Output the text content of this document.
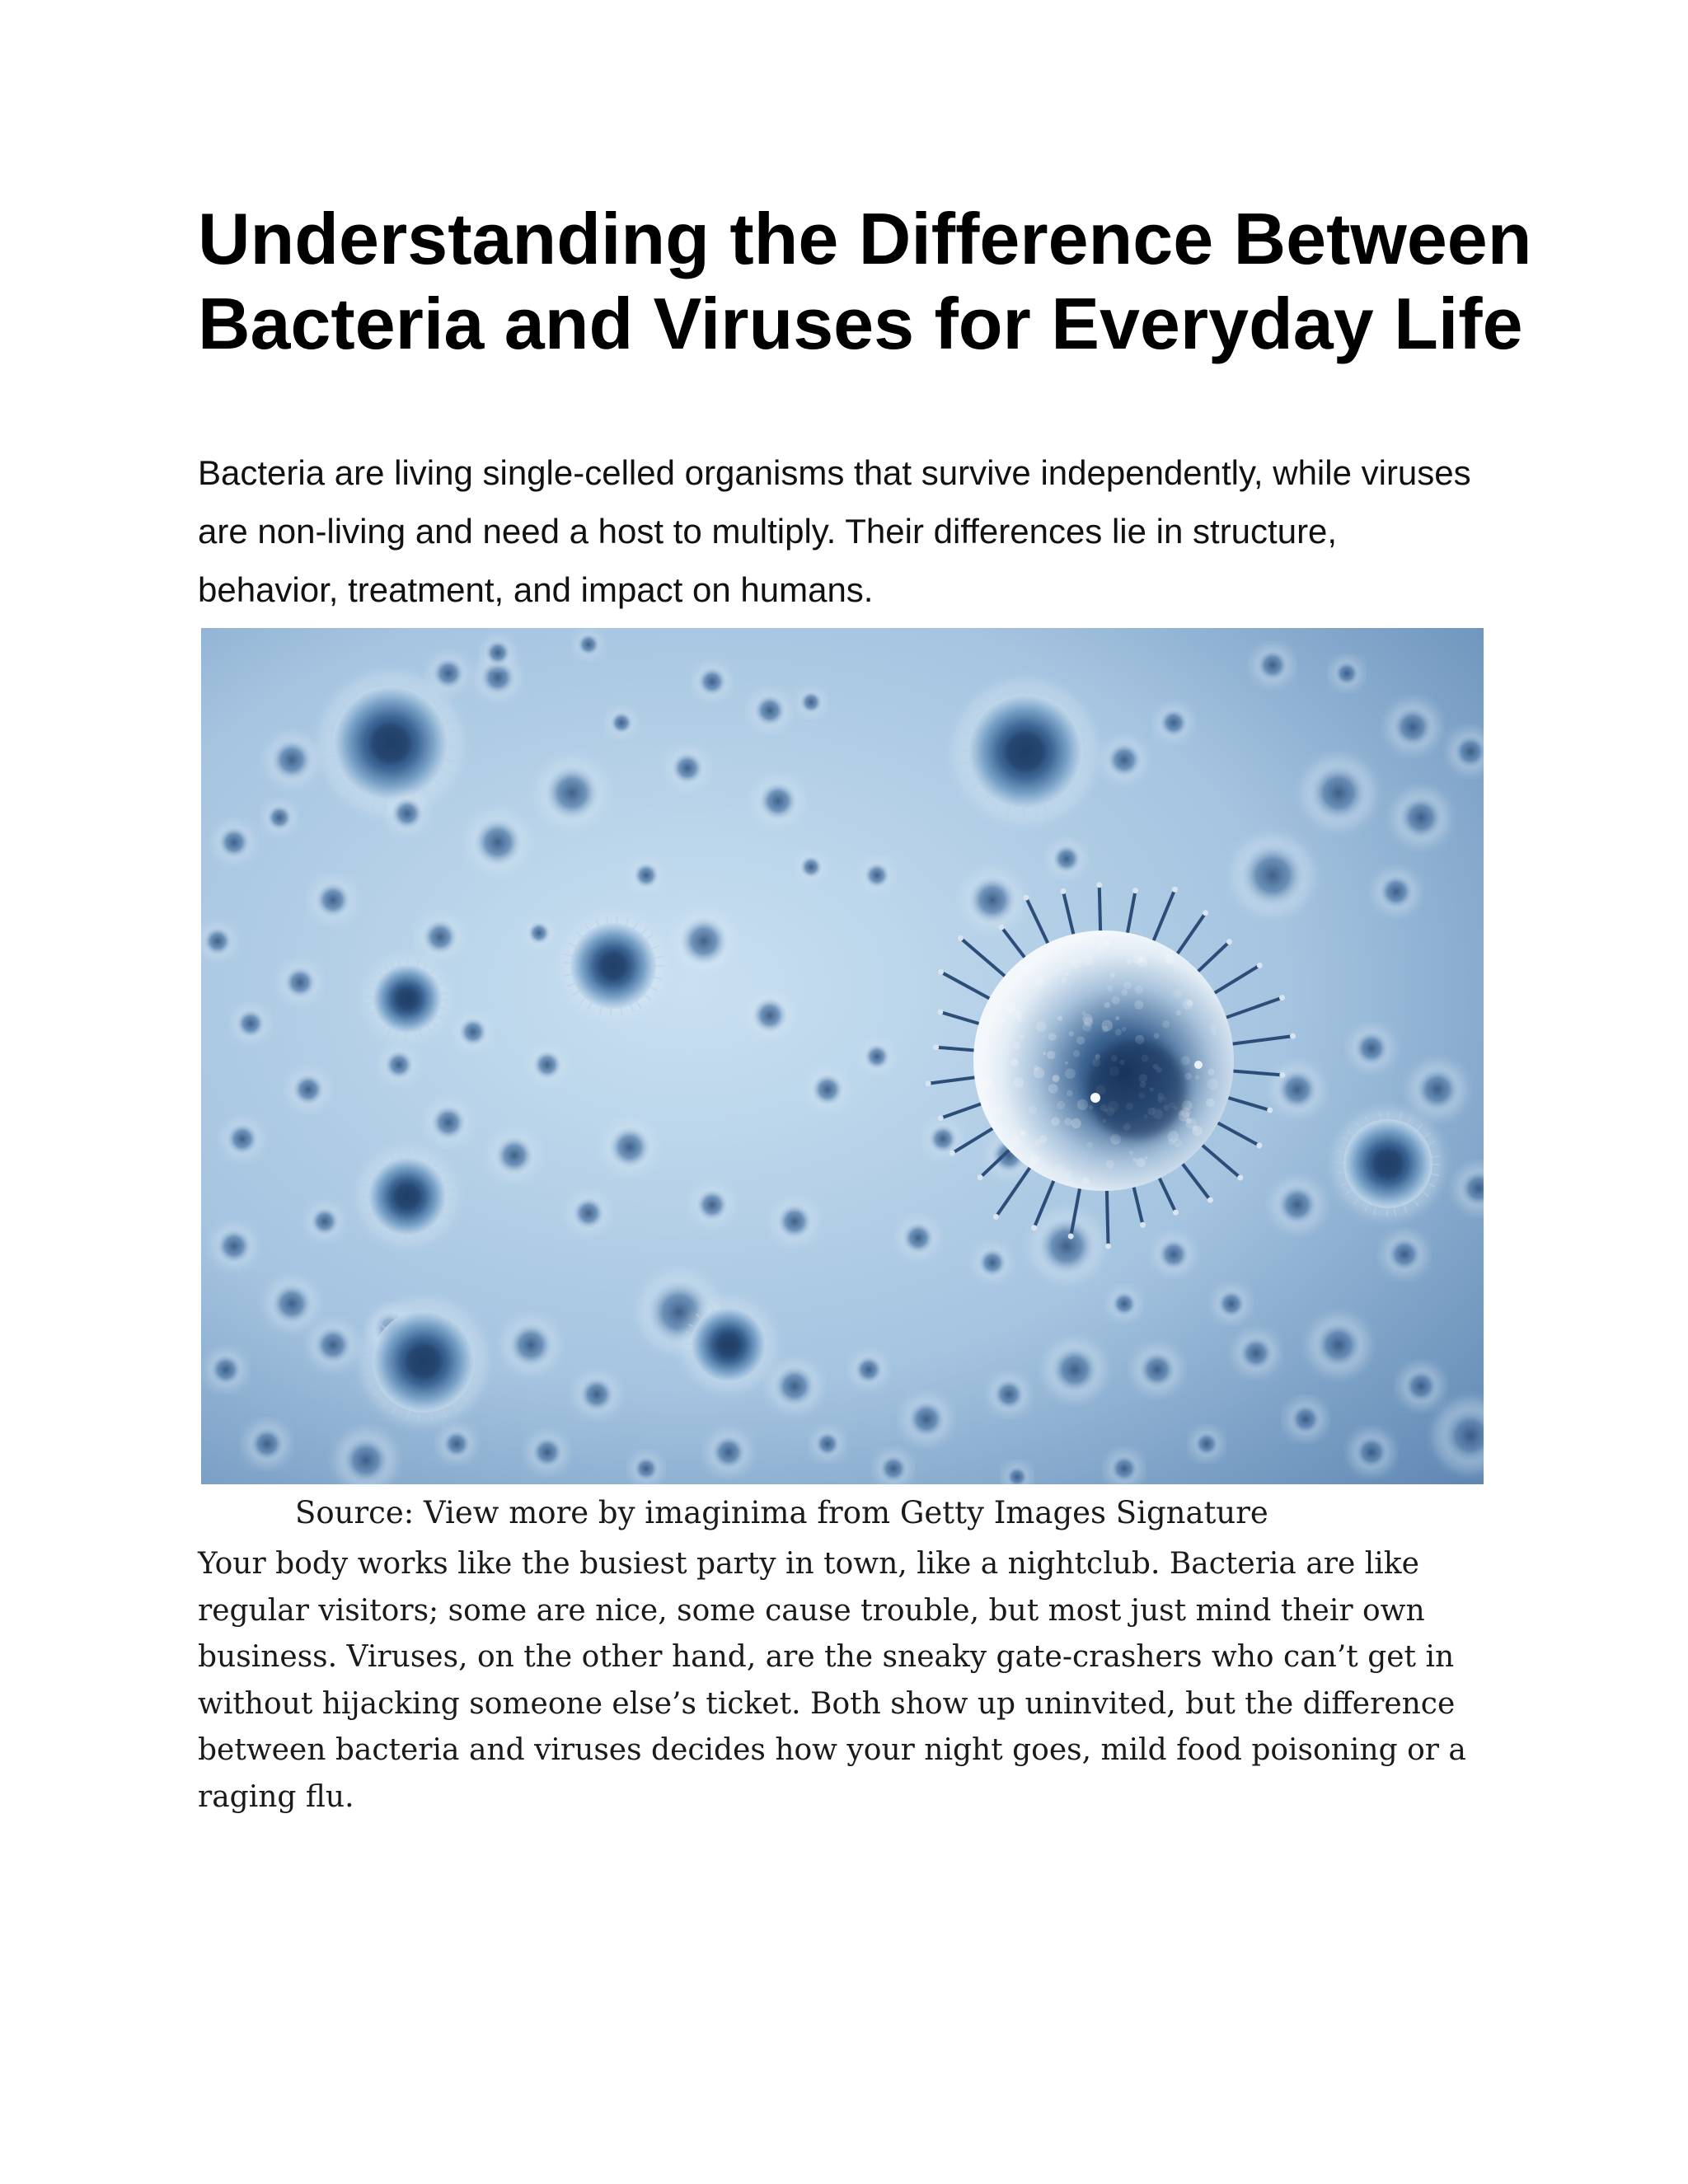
Understanding the Difference Between Bacteria and Viruses for Everyday Life

Bacteria are living single-celled organisms that survive independently, while viruses are non-living and need a host to multiply. Their differences lie in structure, behavior, treatment, and impact on humans.

Source: View more by imaginima from Getty Images Signature

Your body works like the busiest party in town, like a nightclub. Bacteria are like regular visitors; some are nice, some cause trouble, but most just mind their own business. Viruses, on the other hand, are the sneaky gate-crashers who can’t get in without hijacking someone else’s ticket. Both show up uninvited, but the difference between bacteria and viruses decides how your night goes, mild food poisoning or a raging flu.
